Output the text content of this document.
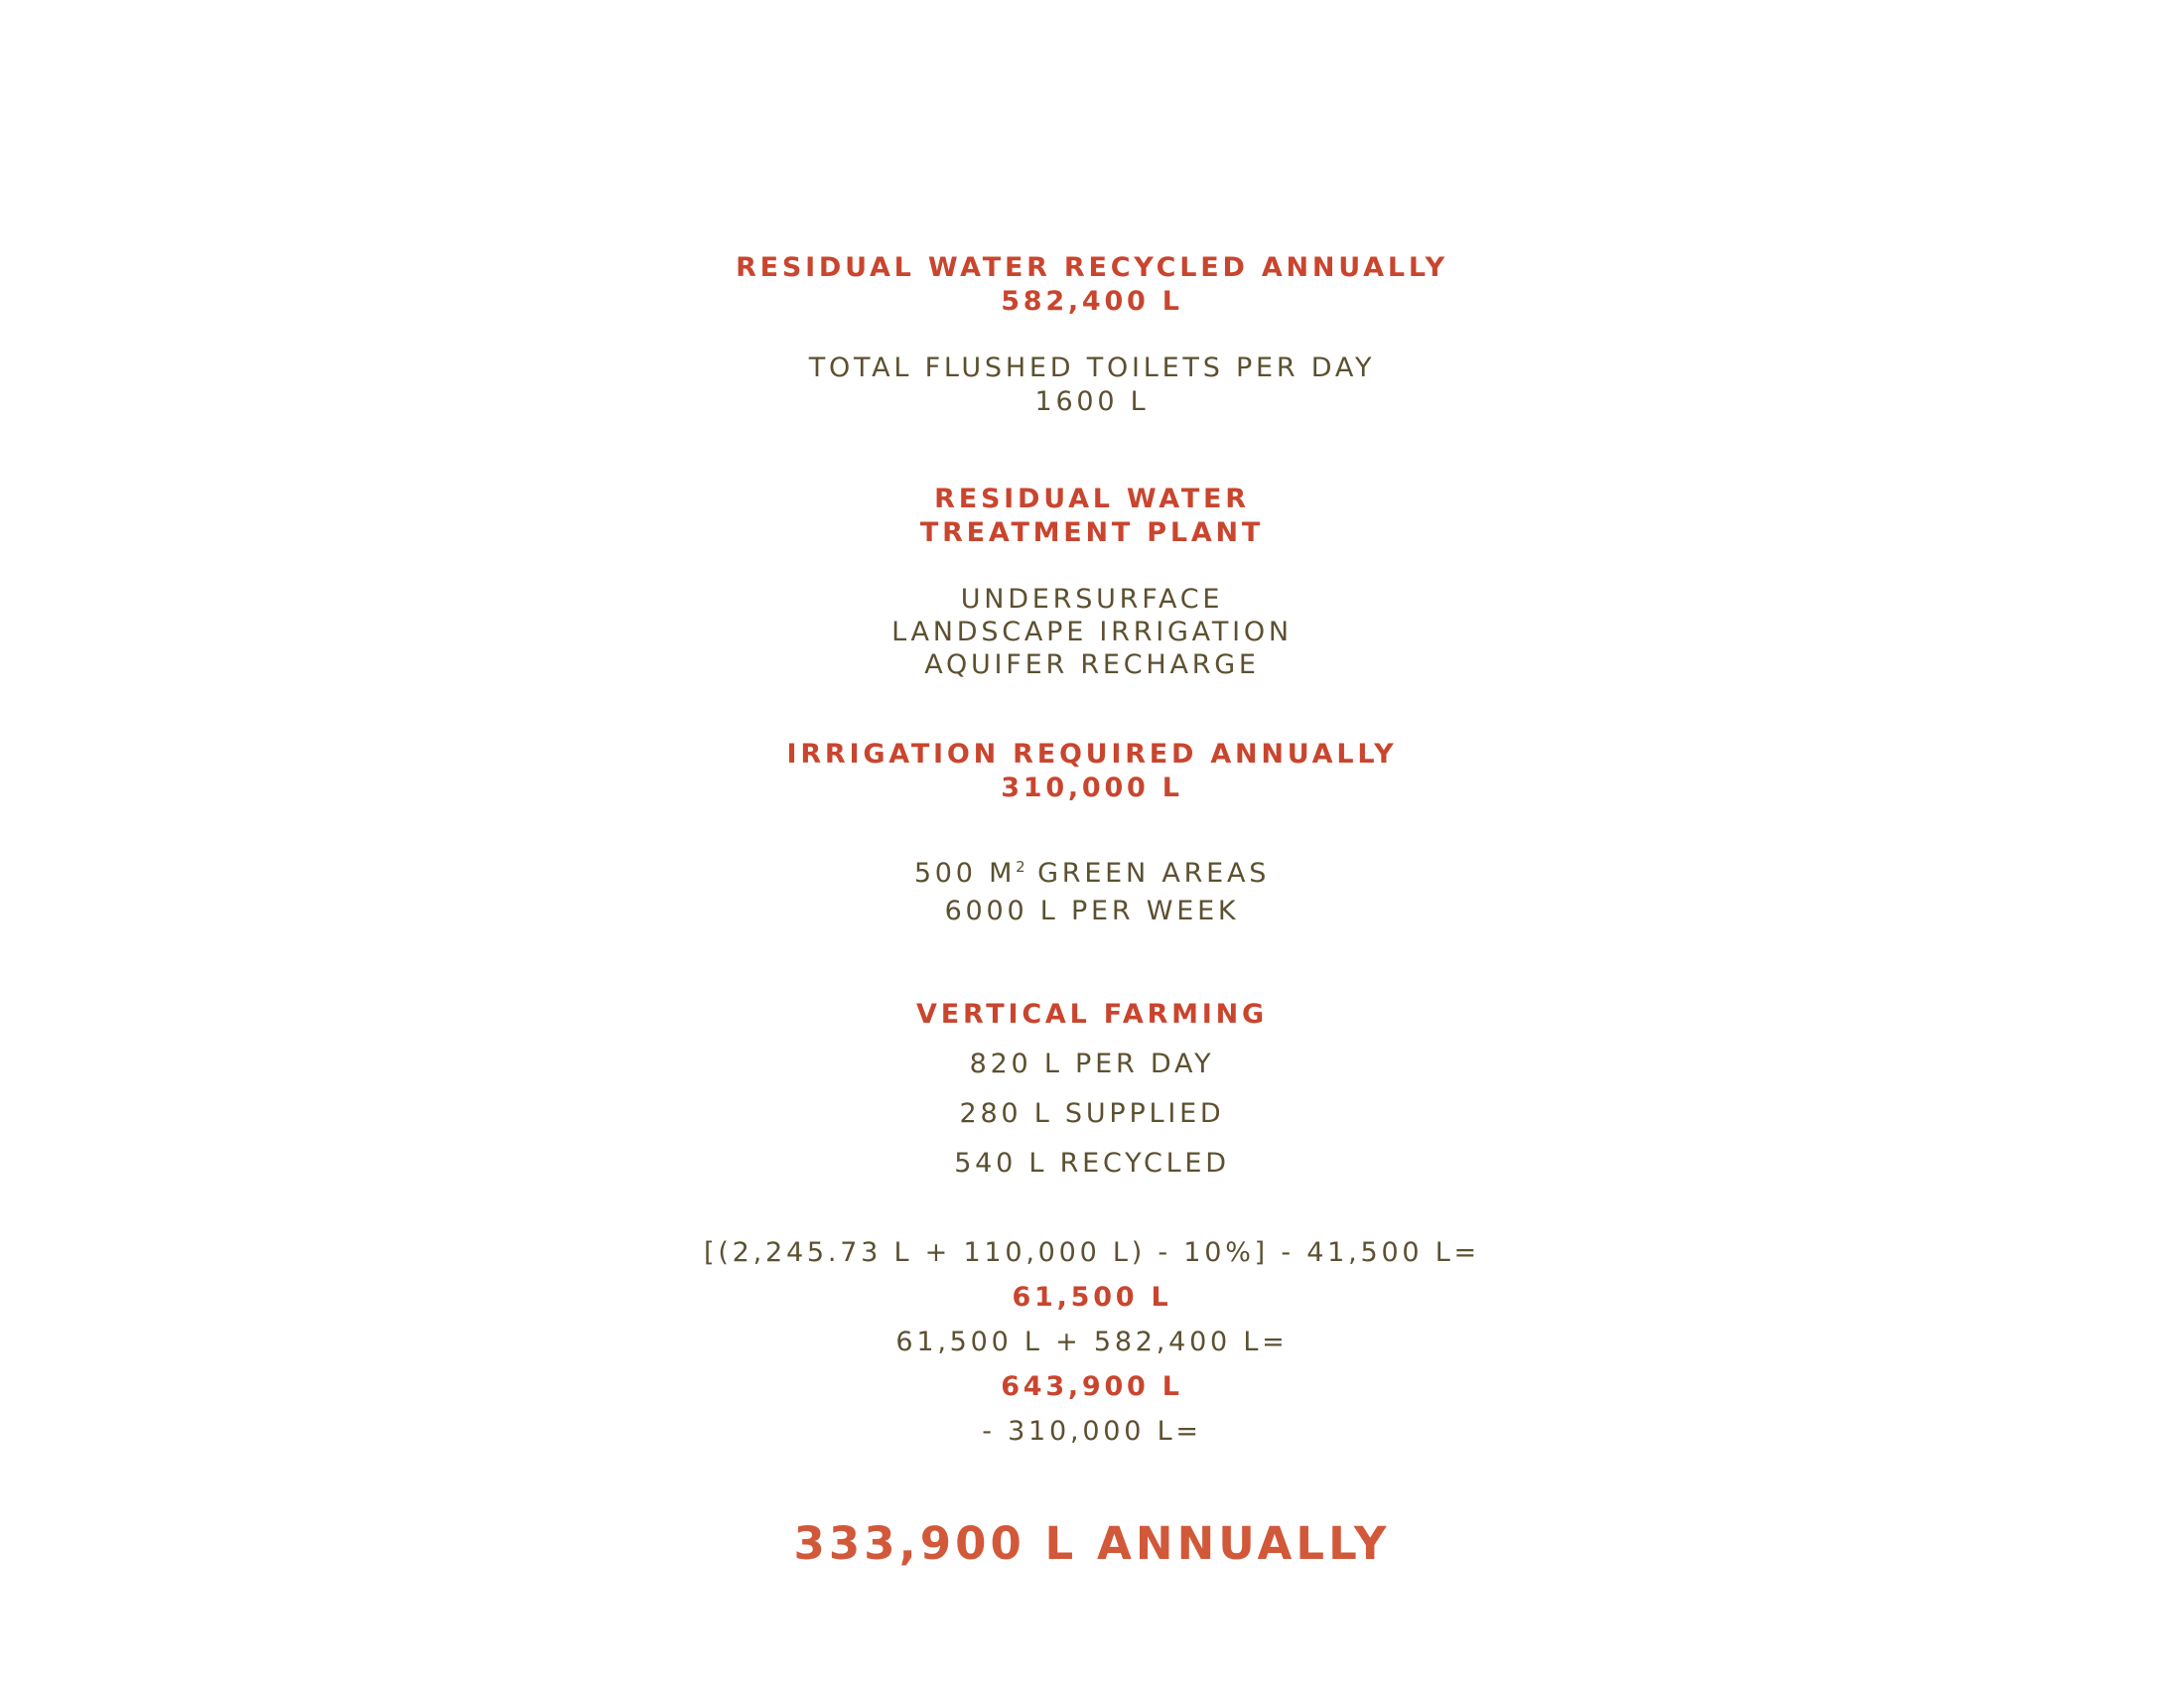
RESIDUAL WATER RECYCLED ANNUALLY
582,400 L
TOTAL FLUSHED TOILETS PER DAY
1600 L
RESIDUAL WATER
TREATMENT PLANT
UNDERSURFACE
LANDSCAPE IRRIGATION
AQUIFER RECHARGE
IRRIGATION REQUIRED ANNUALLY
310,000 L
500 $M^2$ GREEN AREAS
6000 L PER WEEK
VERTICAL FARMING
820 L PER DAY
280 L SUPPLIED
540 L RECYCLED
[(2,245.73 L + 110,000 L) - 10%] - 41,500 L=
61,500 L
61,500 L + 582,400 L=
643,900 L
- 310,000 L=
333,900 L ANNUALLY
